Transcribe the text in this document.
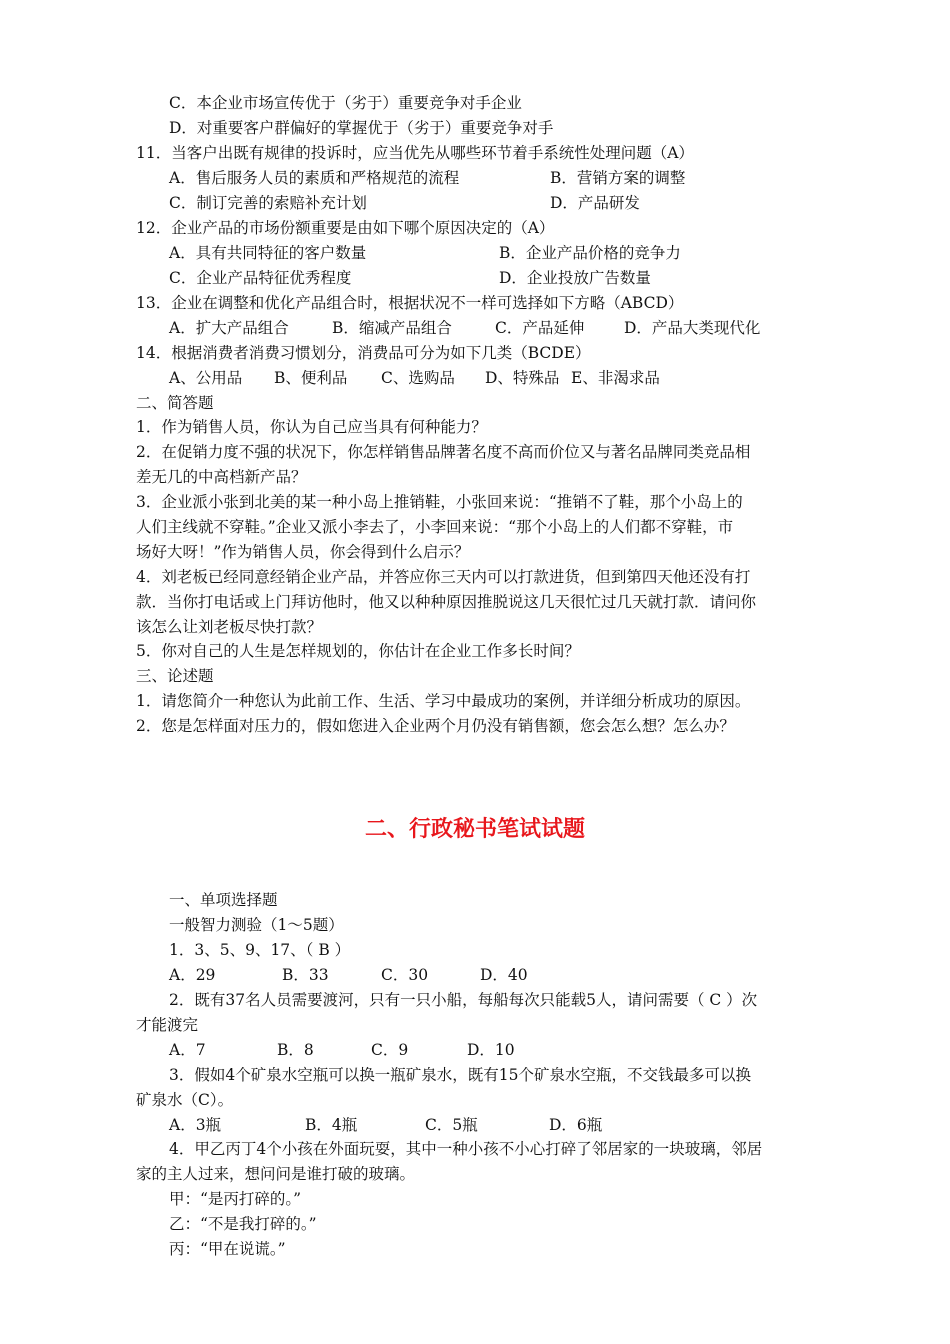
C．本企业市场宣传优于（劣于）重要竞争对手企业
D．对重要客户群偏好的掌握优于（劣于）重要竞争对手
11．当客户出既有规律的投诉时，应当优先从哪些环节着手系统性处理问题（A）
A．售后服务人员的素质和严格规范的流程	B．营销方案的调整
C．制订完善的索赔补充计划	D．产品研发
12．企业产品的市场份额重要是由如下哪个原因决定的（A）
A．具有共同特征的客户数量	B．企业产品价格的竞争力
C．企业产品特征优秀程度	D．企业投放广告数量
13．企业在调整和优化产品组合时，根据状况不一样可选择如下方略（ABCD）
A．扩大产品组合	B．缩减产品组合	C．产品延伸	D．产品大类现代化
14．根据消费者消费习惯划分，消费品可分为如下几类（BCDE）
A、公用品 B、便利品 C、选购品 D、特殊品 E、非渴求品
二、简答题
1．作为销售人员，你认为自己应当具有何种能力？
2．在促销力度不强的状况下，你怎样销售品牌著名度不高而价位又与著名品牌同类竞品相
差无几的中高档新产品？
3．企业派小张到北美的某一种小岛上推销鞋，小张回来说：“推销不了鞋，那个小岛上的
人们主线就不穿鞋。”企业又派小李去了，小李回来说：“那个小岛上的人们都不穿鞋，市
场好大呀！”作为销售人员，你会得到什么启示？
4．刘老板已经同意经销企业产品，并答应你三天内可以打款进货，但到第四天他还没有打
款．当你打电话或上门拜访他时，他又以种种原因推脱说这几天很忙过几天就打款．请问你
该怎么让刘老板尽快打款？
5．你对自己的人生是怎样规划的，你估计在企业工作多长时间？
三、论述题
1．请您简介一种您认为此前工作、生活、学习中最成功的案例，并详细分析成功的原因。
2．您是怎样面对压力的，假如您进入企业两个月仍没有销售额，您会怎么想？怎么办？
二、行政秘书笔试试题
一、单项选择题
一般智力测验（1～5题）
1．3、5、9、17、（ B ）
A．29	B．33	C．30	D．40
2．既有37名人员需要渡河，只有一只小船，每船每次只能载5人，请问需要（ C ）次
才能渡完
A．7	B．8	C．9	D．10
3．假如4个矿泉水空瓶可以换一瓶矿泉水，既有15个矿泉水空瓶，不交钱最多可以换
矿泉水（C）。
A．3瓶	B．4瓶	C．5瓶	D．6瓶
4．甲乙丙丁4个小孩在外面玩耍，其中一种小孩不小心打碎了邻居家的一块玻璃，邻居
家的主人过来，想问问是谁打破的玻璃。
甲：“是丙打碎的。”
乙：“不是我打碎的。”
丙：“甲在说谎。”
